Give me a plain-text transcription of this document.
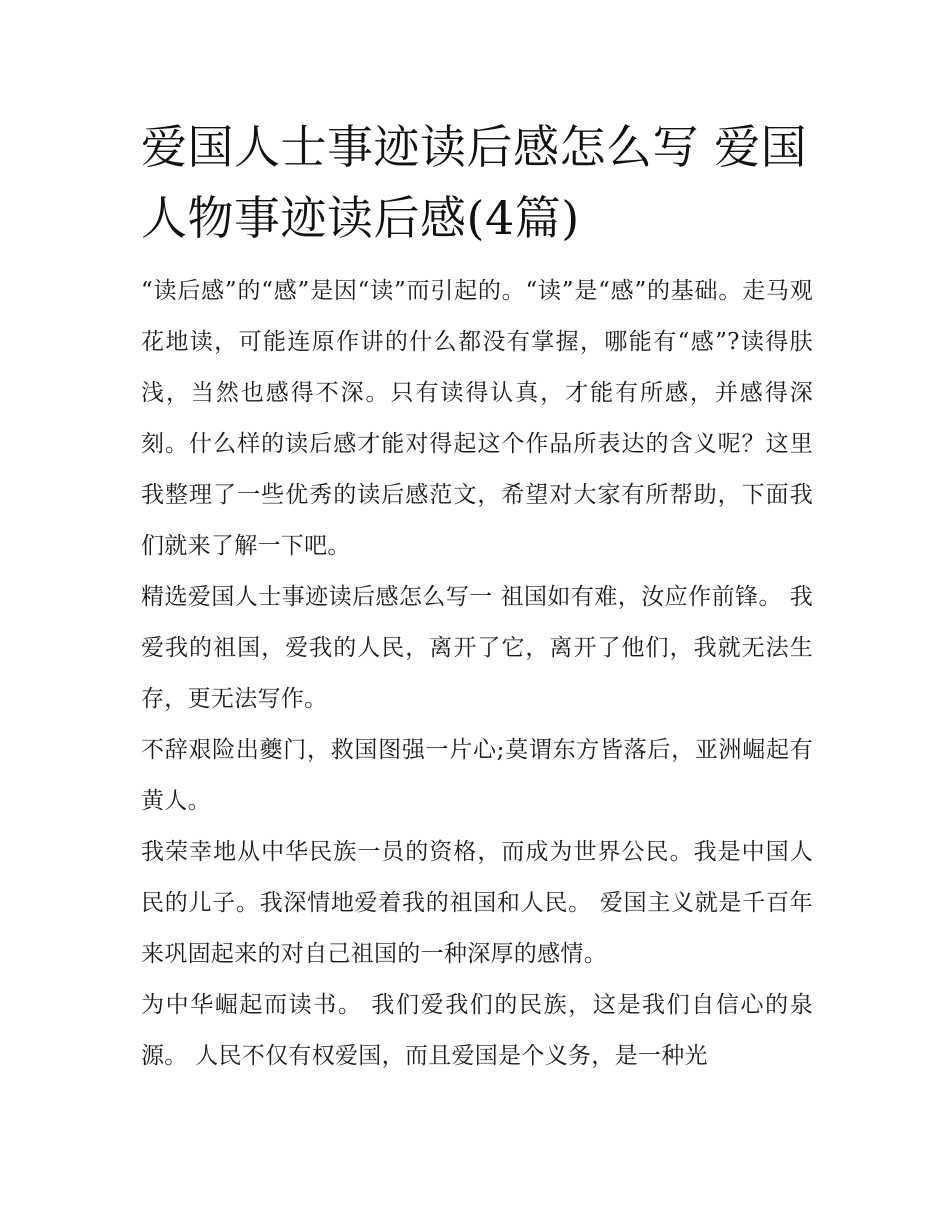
爱国人士事迹读后感怎么写 爱国人物事迹读后感(4篇)

“读后感”的“感”是因“读”而引起的。“读”是“感”的基础。走马观花地读，可能连原作讲的什么都没有掌握，哪能有“感”?读得肤浅，当然也感得不深。只有读得认真，才能有所感，并感得深刻。什么样的读后感才能对得起这个作品所表达的含义呢？这里我整理了一些优秀的读后感范文，希望对大家有所帮助，下面我们就来了解一下吧。

精选爱国人士事迹读后感怎么写一 祖国如有难，汝应作前锋。 我爱我的祖国，爱我的人民，离开了它，离开了他们，我就无法生存，更无法写作。

不辞艰险出夔门，救国图强一片心;莫谓东方皆落后，亚洲崛起有黄人。

我荣幸地从中华民族一员的资格，而成为世界公民。我是中国人民的儿子。我深情地爱着我的祖国和人民。 爱国主义就是千百年来巩固起来的对自己祖国的一种深厚的感情。

为中华崛起而读书。 我们爱我们的民族，这是我们自信心的泉源。 人民不仅有权爱国，而且爱国是个义务，是一种光
